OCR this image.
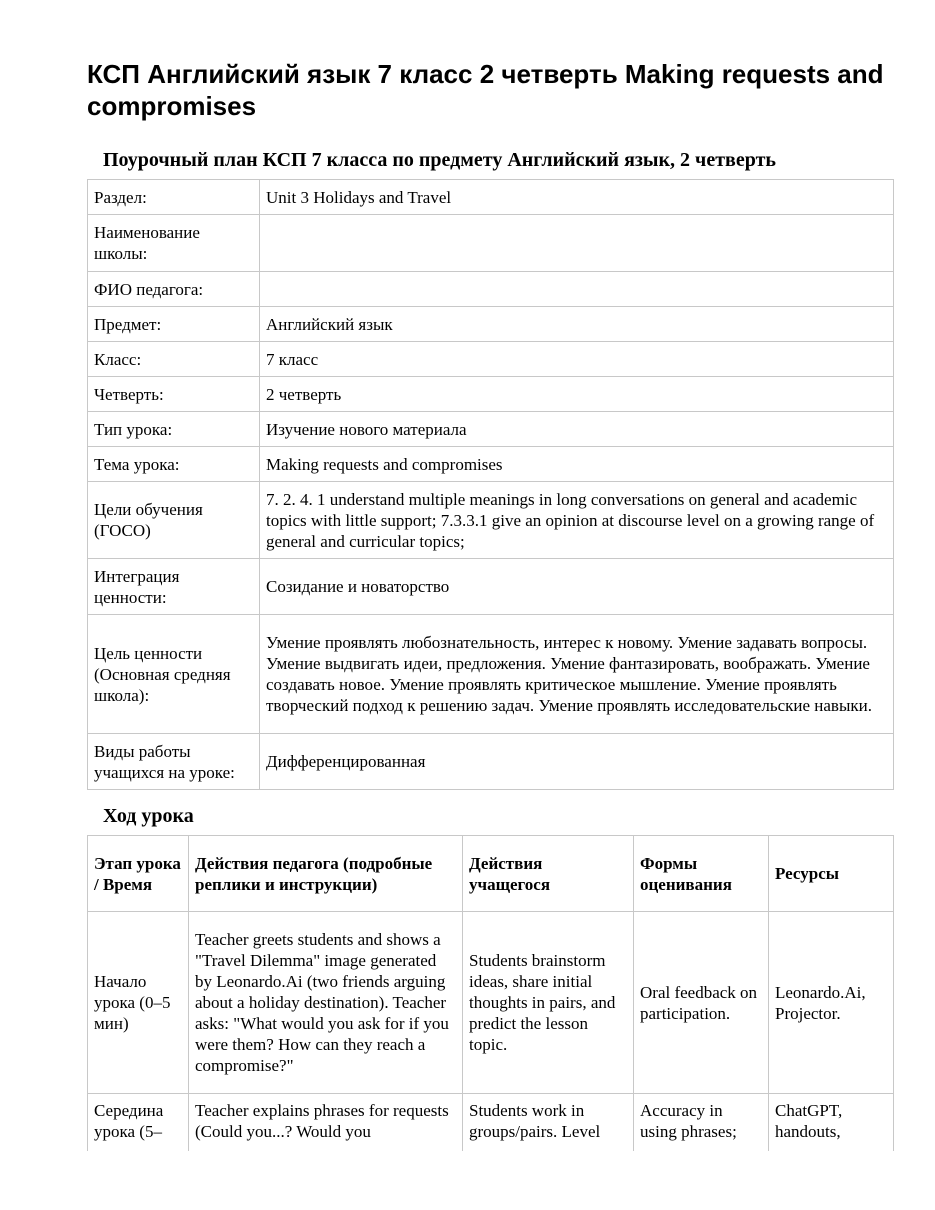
КСП Английский язык 7 класс 2 четверть Making requests and compromises
Поурочный план КСП 7 класса по предмету Английский язык, 2 четверть
Раздел:	Unit 3 Holidays and Travel
Наименование школы:	
ФИО педагога:	
Предмет:	Английский язык
Класс:	7 класс
Четверть:	2 четверть
Тип урока:	Изучение нового материала
Тема урока:	Making requests and compromises
Цели обучения (ГОСО)	7. 2. 4. 1 understand multiple meanings in long conversations on general and academic topics with little support; 7.3.3.1 give an opinion at discourse level on a growing range of general and curricular topics;
Интеграция ценности:	Созидание и новаторство
Цель ценности (Основная средняя школа):	Умение проявлять любознательность, интерес к новому. Умение задавать вопросы. Умение выдвигать идеи, предложения. Умение фантазировать, воображать. Умение создавать новое. Умение проявлять критическое мышление. Умение проявлять творческий подход к решению задач. Умение проявлять исследовательские навыки.
Виды работы учащихся на уроке:	Дифференцированная
Ход урока
Этап урока / Время	Действия педагога (подробные реплики и инструкции)	Действия учащегося	Формы оценивания	Ресурсы
Начало урока (0–5 мин)	Teacher greets students and shows a "Travel Dilemma" image generated by Leonardo.Ai (two friends arguing about a holiday destination). Teacher asks: "What would you ask for if you were them? How can they reach a compromise?"	Students brainstorm ideas, share initial thoughts in pairs, and predict the lesson topic.	Oral feedback on participation.	Leonardo.Ai, Projector.
Середина урока (5–	Teacher explains phrases for requests (Could you...? Would you	Students work in groups/pairs. Level	Accuracy in using phrases;	ChatGPT, handouts,
